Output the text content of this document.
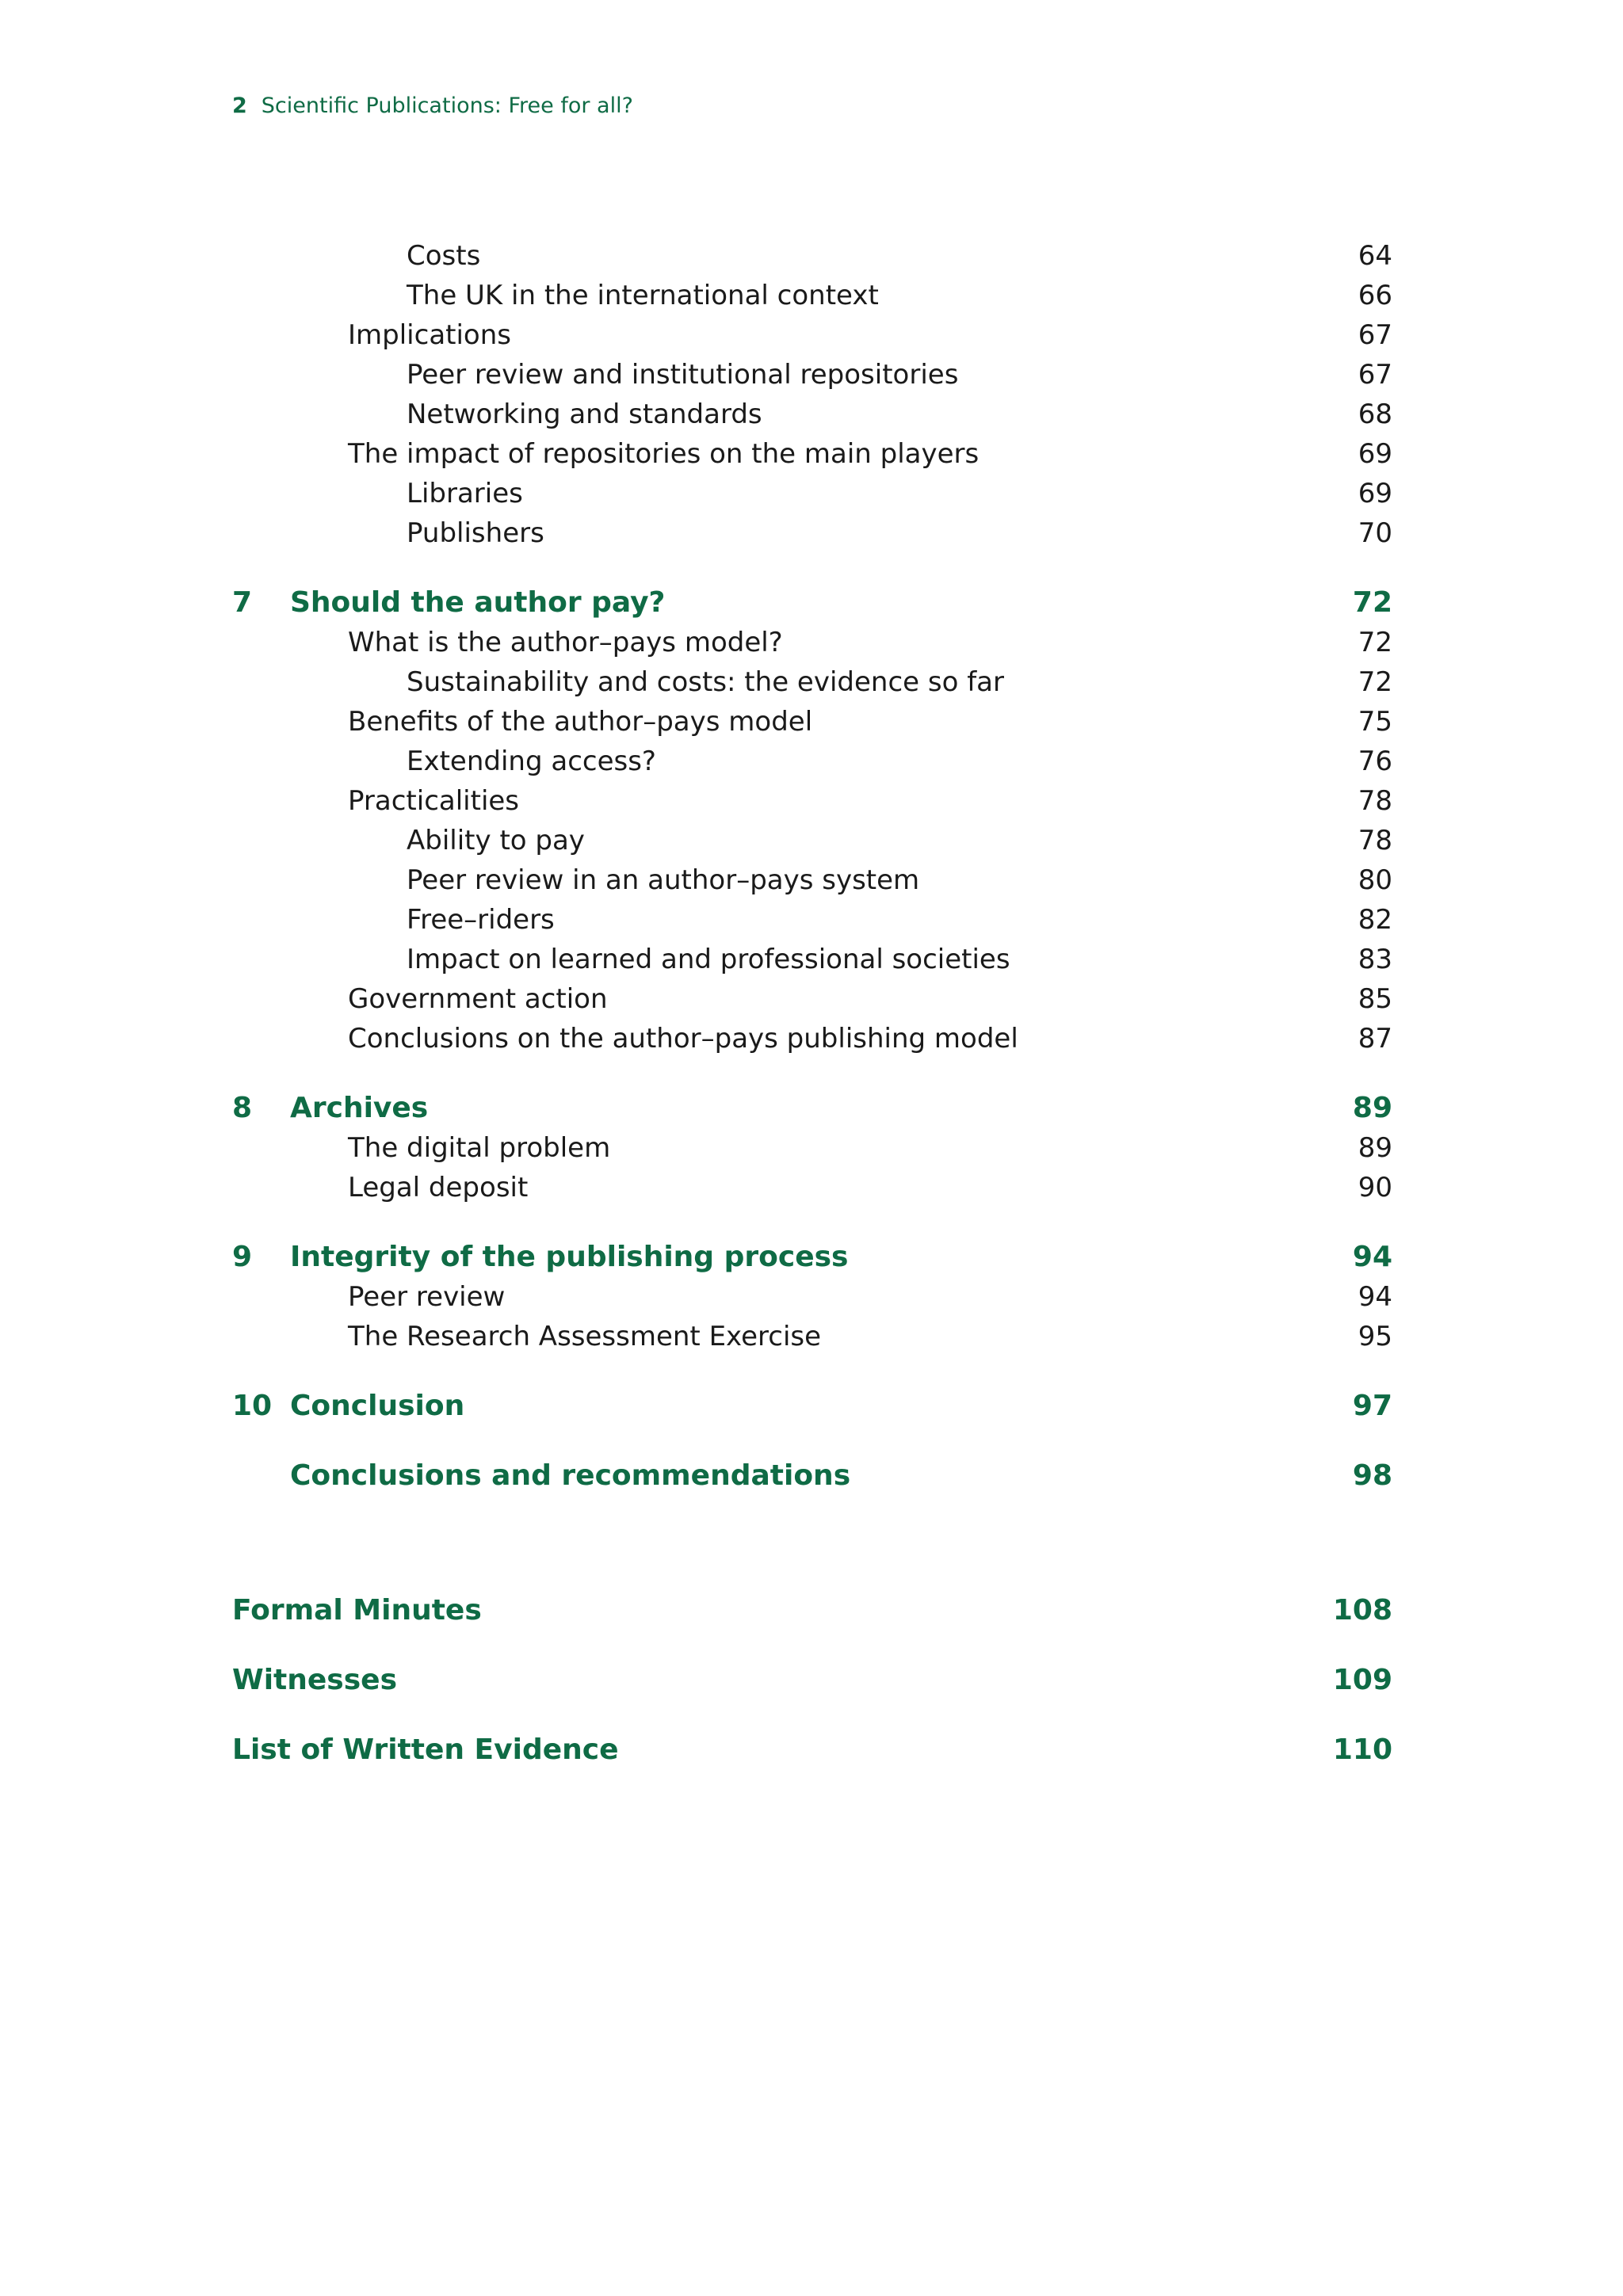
2 Scientific Publications: Free for all?
Costs	64
The UK in the international context	66
Implications	67
Peer review and institutional repositories	67
Networking and standards	68
The impact of repositories on the main players	69
Libraries	69
Publishers	70
7 Should the author pay?	72
What is the author–pays model?	72
Sustainability and costs: the evidence so far	72
Benefits of the author–pays model	75
Extending access?	76
Practicalities	78
Ability to pay	78
Peer review in an author–pays system	80
Free–riders	82
Impact on learned and professional societies	83
Government action	85
Conclusions on the author–pays publishing model	87
8 Archives	89
The digital problem	89
Legal deposit	90
9 Integrity of the publishing process	94
Peer review	94
The Research Assessment Exercise	95
10 Conclusion	97
Conclusions and recommendations	98
Formal Minutes	108
Witnesses	109
List of Written Evidence	110
